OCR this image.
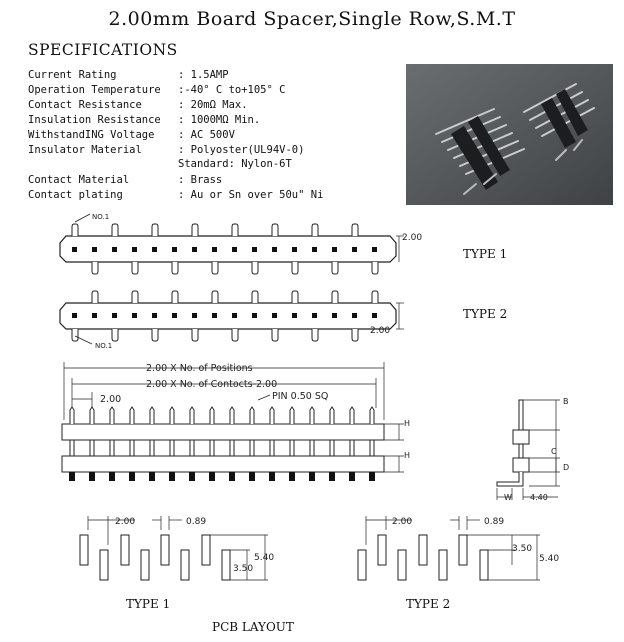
2.00mm Board Spacer,Single Row,S.M.T
SPECIFICATIONS
Current Rating	: 1.5AMP
Operation Temperature :-40° C to+105° C
Contact Resistance	: 20mΩ Max.
Insulation Resistance : 1000MΩ Min.
WithstandING Voltage : AC 500V
Insulator Material	: Polyoster(UL94V-0)
Standard: Nylon-6T
Contact Material	: Brass
Contact plating	: Au or Sn over 50u" Ni
NO.1
2.00
TYPE 1
NO.1
2.00
TYPE 2
2.00 X No. of Positions
2.00 X No. of Contocts-2.00
2.00	PIN 0.50 SQ
H
H
B
C
D
W 4.40
2.00	0.89
5.40
3.50
TYPE 1
2.00	0.89
3.50
5.40
TYPE 2
PCB LAYOUT
